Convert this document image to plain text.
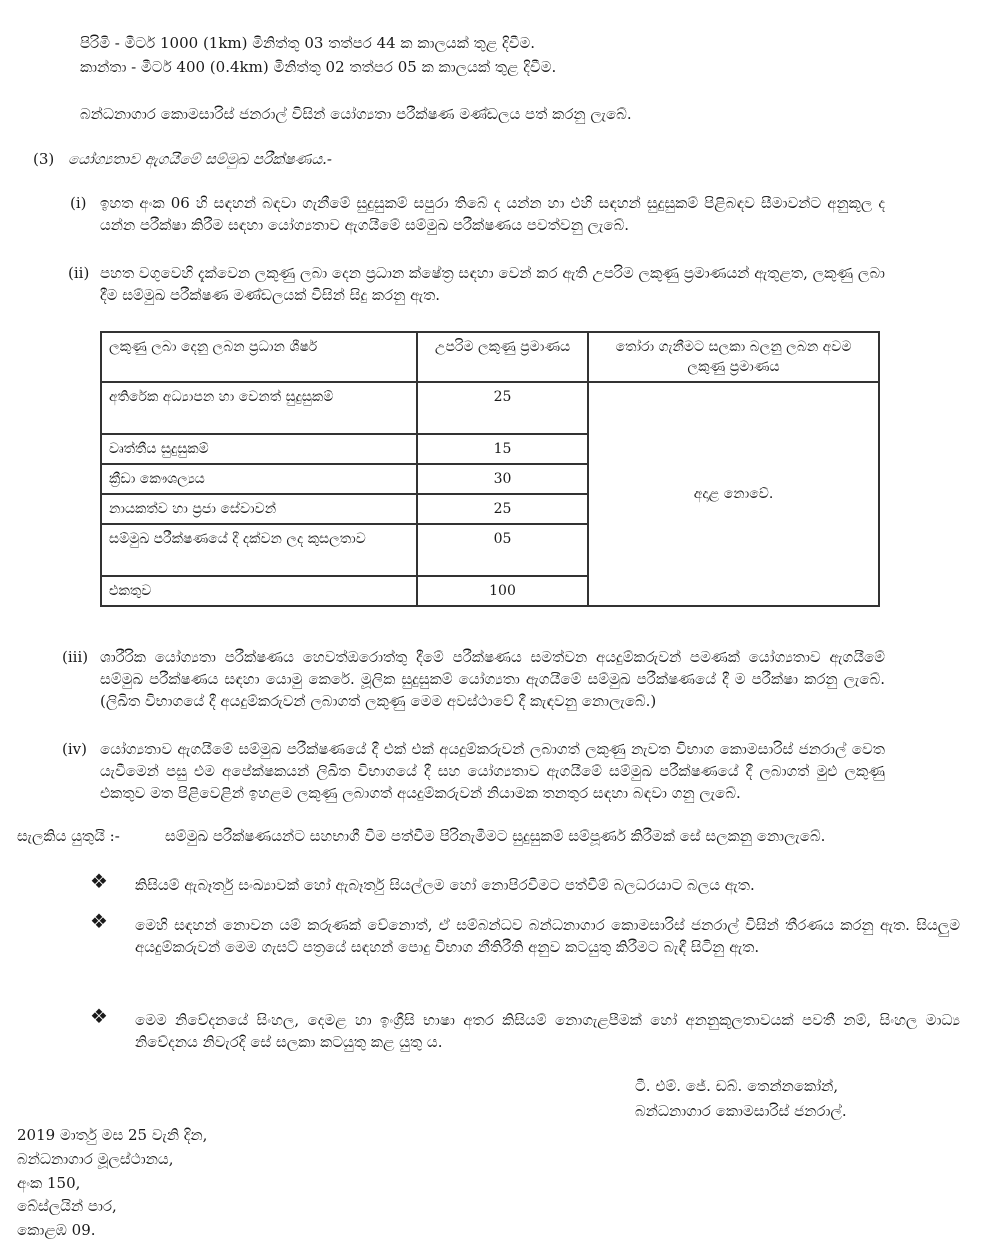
පිරිමි - මීටර් 1000 (1km) මිනිත්තු 03 තත්පර 44 ක කාලයක් තුළ දිවීම.
කාන්තා - මීටර් 400 (0.4km) මිනිත්තු 02 තත්පර 05 ක කාලයක් තුළ දිවීම.
බන්ධනාගාර කොමසාරිස් ජනරාල් විසින් යෝග්‍යතා පරීක්ෂණ මණ්ඩලය පත් කරනු ලැබේ.
(3) යෝග්‍යතාව ඇගයීමේ සම්මුඛ පරීක්ෂණය.-
(i) ඉහත අංක 06 හි සඳහන් බඳවා ගැනීමේ සුදුසුකම් සපුරා තිබේ ද යන්න හා එහි සඳහන් සුදුසුකම් පිළිබඳව සීමාවන්ට අනුකූල ද යන්න පරීක්ෂා කිරීම සඳහා යෝග්‍යතාව ඇගයීමේ සම්මුඛ පරීක්ෂණය පවත්වනු ලැබේ.
(ii) පහත වගුවෙහි දැක්වෙන ලකුණු ලබා දෙන ප්‍රධාන ක්ෂේත්‍ර සඳහා වෙන් කර ඇති උපරිම ලකුණු ප්‍රමාණයන් ඇතුළත, ලකුණු ලබා දීම සම්මුඛ පරීක්ෂණ මණ්ඩලයක් විසින් සිදු කරනු ඇත.
ලකුණු ලබා දෙනු ලබන ප්‍රධාන ශීර්ෂ	උපරිම ලකුණු ප්‍රමාණය	තෝරා ගැනීමට සලකා බලනු ලබන අවම ලකුණු ප්‍රමාණය
අතිරේක අධ්‍යාපන හා වෙනත් සුදුසුකම්	25	අදාළ නොවේ.
වෘත්තීය සුදුසුකම්	15	
ක්‍රීඩා කෞශල්‍යය	30	
නායකත්ව හා ප්‍රජා සේවාවන්	25	
සම්මුඛ පරීක්ෂණයේ දී දක්වන ලද කුසලතාව	05	
එකතුව	100	
(iii) ශාරීරික යෝග්‍යතා පරීක්ෂණය හෙවත්ඔරොත්තු දීමේ පරීක්ෂණය සමත්වන අයදුම්කරුවන් පමණක් යෝග්‍යතාව ඇගයීමේ සම්මුඛ පරීක්ෂණය සඳහා යොමු කෙරේ. මූලික සුදුසුකම් යෝග්‍යතා ඇගයීමේ සම්මුඛ පරීක්ෂණයේ දී ම පරීක්ෂා කරනු ලැබේ. (ලිඛිත විභාගයේ දී අයදුම්කරුවන් ලබාගත් ලකුණු මෙම අවස්ථාවේ දී කැඳවනු නොලැබේ.)
(iv) යෝග්‍යතාව ඇගයීමේ සම්මුඛ පරීක්ෂණයේ දී එක් එක් අයදුම්කරුවන් ලබාගත් ලකුණු නැවත විභාග කොමසාරිස් ජනරාල් වෙත යැවීමෙන් පසු එම අපේක්ෂකයන් ලිඛිත විභාගයේ දී සහ යෝග්‍යතාව ඇගයීමේ සම්මුඛ පරීක්ෂණයේ දී ලබාගත් මුළු ලකුණු එකතුව මත පිළිවෙළින් ඉහළම ලකුණු ලබාගත් අයදුම්කරුවන් නියාමක තනතුර සඳහා බඳවා ගනු ලැබේ.
සැලකිය යුතුයි :-	සම්මුඛ පරීක්ෂණයන්ට සහභාගී වීම පත්වීම පිරිනැමීමට සුදුසුකම් සම්පූර්ණ කිරීමක් සේ සලකනු නොලැබේ.
❖ කිසියම් ඇබෑර්තු සංඛ්‍යාවක් හෝ ඇබෑර්තු සියල්ලම හෝ නොපිරවීමට පත්වීම් බලධරයාට බලය ඇත.
❖ මෙහි සඳහන් නොවන යම් කරුණක් වේනොත්, ඒ සම්බන්ධව බන්ධනාගාර කොමසාරිස් ජනරාල් විසින් තීරණය කරනු ඇත. සියලුම අයදුම්කරුවන් මෙම ගැසට් පත්‍රයේ සඳහන් පොදු විභාග නීතිරීති අනුව කටයුතු කිරීමට බැඳී සිටිනු ඇත.
❖ මෙම නිවේදනයේ සිංහල, දෙමළ හා ඉංග්‍රීසි භාෂා අතර කිසියම් නොගැළපීමක් හෝ අනනුකූලතාවයක් පවතී නම්, සිංහල මාධ්‍ය නිවේදනය නිවැරදි සේ සලකා කටයුතු කළ යුතු ය.
ටී. එම්. ජේ. ඩබ්. තෙන්නකෝන්,
බන්ධනාගාර කොමසාරිස් ජනරාල්.
2019 මාර්තු මස 25 වැනි දින,
බන්ධනාගාර මූලස්ථානය,
අංක 150,
බේස්ලයින් පාර,
කොළඹ 09.
